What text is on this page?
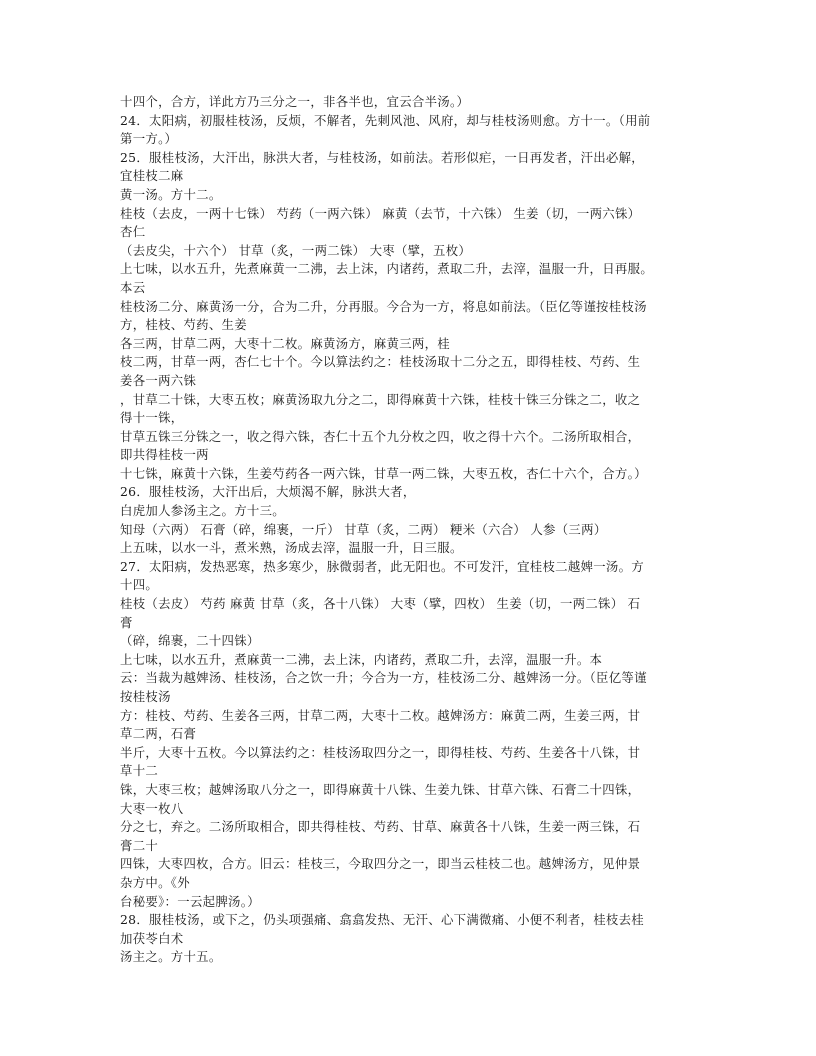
十四个，合方，详此方乃三分之一，非各半也，宜云合半汤。）
24．太阳病，初服桂枝汤，反烦，不解者，先刺风池、风府，却与桂枝汤则愈。方十一。（用前
第一方。）
25．服桂枝汤，大汗出，脉洪大者，与桂枝汤，如前法。若形似疟，一日再发者，汗出必解，
宜桂枝二麻
黄一汤。方十二。
桂枝（去皮，一两十七铢） 芍药（一两六铢） 麻黄（去节，十六铢） 生姜（切，一两六铢）
杏仁
（去皮尖，十六个） 甘草（炙，一两二铢） 大枣（擘，五枚）
上七味，以水五升，先煮麻黄一二沸，去上沫，内诸药，煮取二升，去滓，温服一升，日再服。
本云
桂枝汤二分、麻黄汤一分，合为二升，分再服。今合为一方，将息如前法。（臣亿等谨按桂枝汤
方，桂枝、芍药、生姜
各三两，甘草二两，大枣十二枚。麻黄汤方，麻黄三两，桂
枝二两，甘草一两，杏仁七十个。今以算法约之：桂枝汤取十二分之五，即得桂枝、芍药、生
姜各一两六铢
，甘草二十铢，大枣五枚；麻黄汤取九分之二，即得麻黄十六铢，桂枝十铢三分铢之二，收之
得十一铢，
甘草五铢三分铢之一，收之得六铢，杏仁十五个九分枚之四，收之得十六个。二汤所取相合，
即共得桂枝一两
十七铢，麻黄十六铢，生姜芍药各一两六铢，甘草一两二铢，大枣五枚，杏仁十六个，合方。）
26．服桂枝汤，大汗出后，大烦渴不解，脉洪大者，
白虎加人参汤主之。方十三。
知母（六两） 石膏（碎，绵裹，一斤） 甘草（炙，二两） 粳米（六合） 人参（三两）
上五味，以水一斗，煮米熟，汤成去滓，温服一升，日三服。
27．太阳病，发热恶寒，热多寒少，脉微弱者，此无阳也。不可发汗，宜桂枝二越婢一汤。方
十四。
桂枝（去皮） 芍药 麻黄 甘草（炙，各十八铢） 大枣（擘，四枚） 生姜（切，一两二铢） 石
膏
（碎，绵裹，二十四铢）
上七味，以水五升，煮麻黄一二沸，去上沫，内诸药，煮取二升，去滓，温服一升。本
云：当裁为越婢汤、桂枝汤，合之饮一升；今合为一方，桂枝汤二分、越婢汤一分。（臣亿等谨
按桂枝汤
方：桂枝、芍药、生姜各三两，甘草二两，大枣十二枚。越婢汤方：麻黄二两，生姜三两，甘
草二两，石膏
半斤，大枣十五枚。今以算法约之：桂枝汤取四分之一，即得桂枝、芍药、生姜各十八铢，甘
草十二
铢，大枣三枚；越婢汤取八分之一，即得麻黄十八铢、生姜九铢、甘草六铢、石膏二十四铢，
大枣一枚八
分之七，弃之。二汤所取相合，即共得桂枝、芍药、甘草、麻黄各十八铢，生姜一两三铢，石
膏二十
四铢，大枣四枚，合方。旧云：桂枝三，今取四分之一，即当云桂枝二也。越婢汤方，见仲景
杂方中。《外
台秘要》：一云起脾汤。）
28．服桂枝汤，或下之，仍头项强痛、翕翕发热、无汗、心下满微痛、小便不利者，桂枝去桂
加茯苓白术
汤主之。方十五。
